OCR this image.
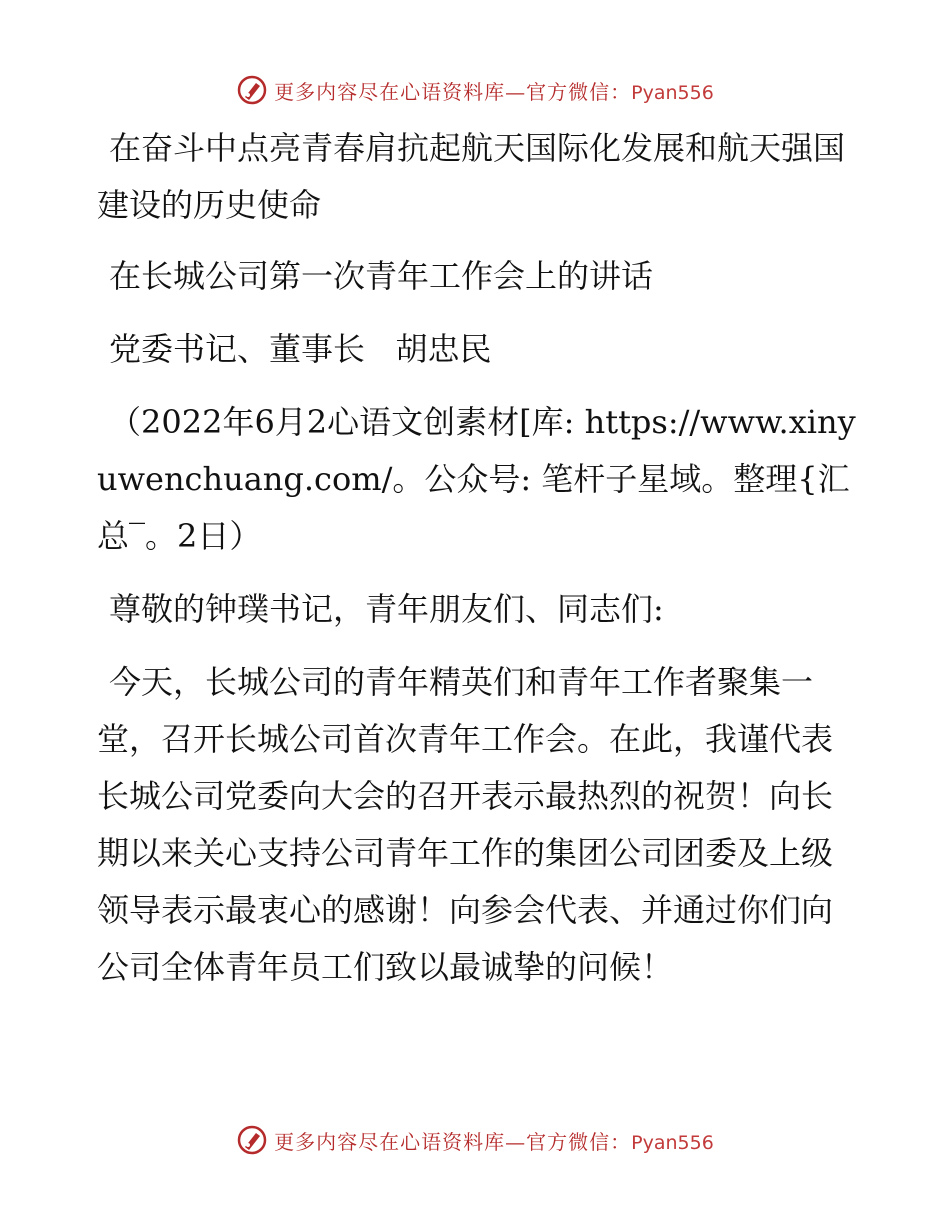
更多内容尽在心语资料库—官方微信：Pyan556

在奋斗中点亮青春肩抗起航天国际化发展和航天强国建设的历史使命

在长城公司第一次青年工作会上的讲话

党委书记、董事长   胡忠民

（2022年6月2心语文创素材[库: https://www.xinyuwenchuang.com/。公众号: 笔杆子星域。整理{汇总‾。2日）

尊敬的钟璞书记，青年朋友们、同志们:

今天，长城公司的青年精英们和青年工作者聚集一堂，召开长城公司首次青年工作会。在此，我谨代表长城公司党委向大会的召开表示最热烈的祝贺！向长期以来关心支持公司青年工作的集团公司团委及上级领导表示最衷心的感谢！向参会代表、并通过你们向公司全体青年员工们致以最诚挚的问候！

更多内容尽在心语资料库—官方微信：Pyan556
